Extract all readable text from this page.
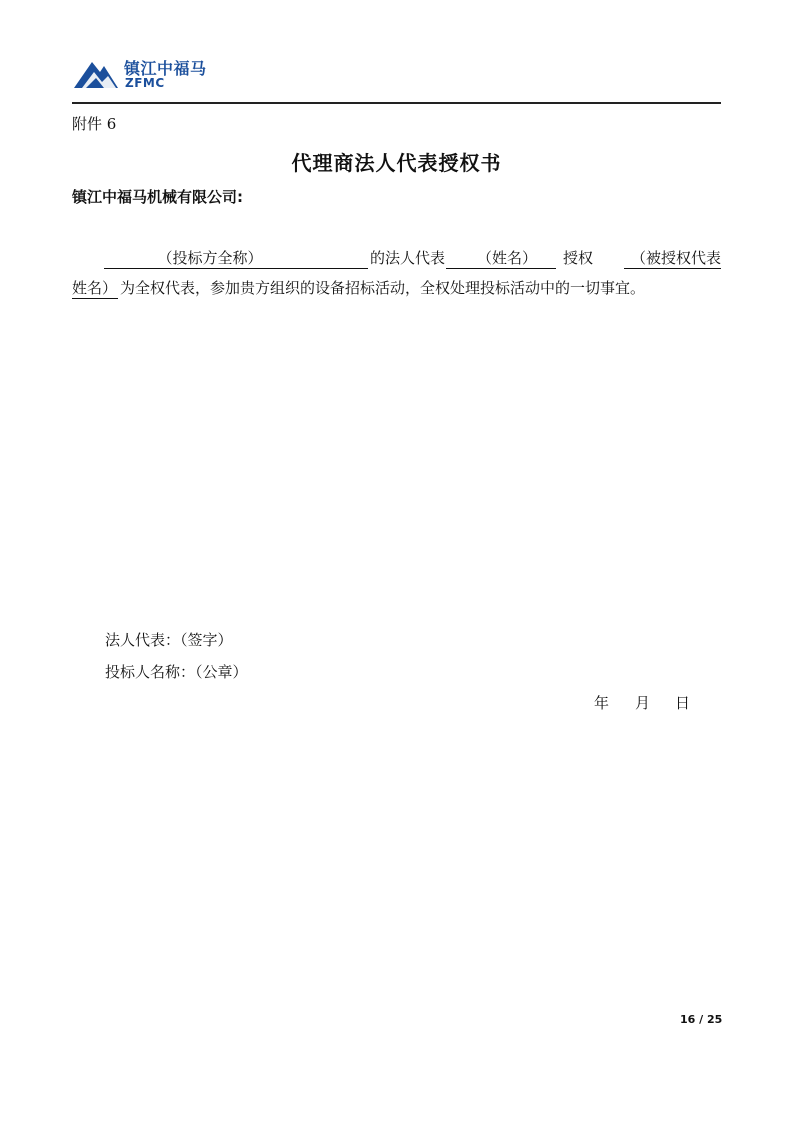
镇江中福马
ZFMC
附件 6
代理商法人代表授权书
镇江中福马机械有限公司:
（投标方全称）	的法人代表	（姓名）	授权	（被授权代表
姓名） 为全权代表，参加贵方组织的设备招标活动，全权处理投标活动中的一切事宜。
法人代表：（签字）
投标人名称：（公章）
年 月 日
16 / 25
